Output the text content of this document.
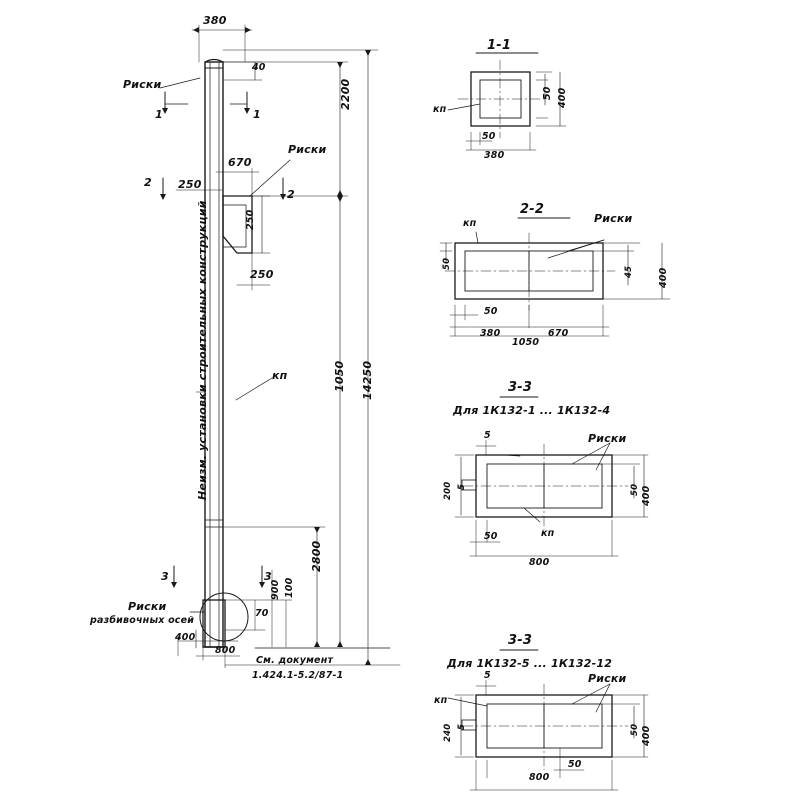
380
40
Риски
1	1
2200
Риски
670
2 250
2
250
250
Неизм. установки строительных конструкций	кп	1050 14250
2800
3	3
900 100
70
Риски
разбивочных осей
400
800
См. документ
1.424.1-5.2/87-1
1-1
кп
50
380
50 400
2-2
кп	Риски
50
50
380	670
1050
45	400
3-3
Для 1К132-1 ... 1К132-4
5	Риски
5
200
кп
50
800
50 400
3-3
Для 1К132-5 ... 1К132-12
5	Риски
кп
5
240
50
800
50 400
